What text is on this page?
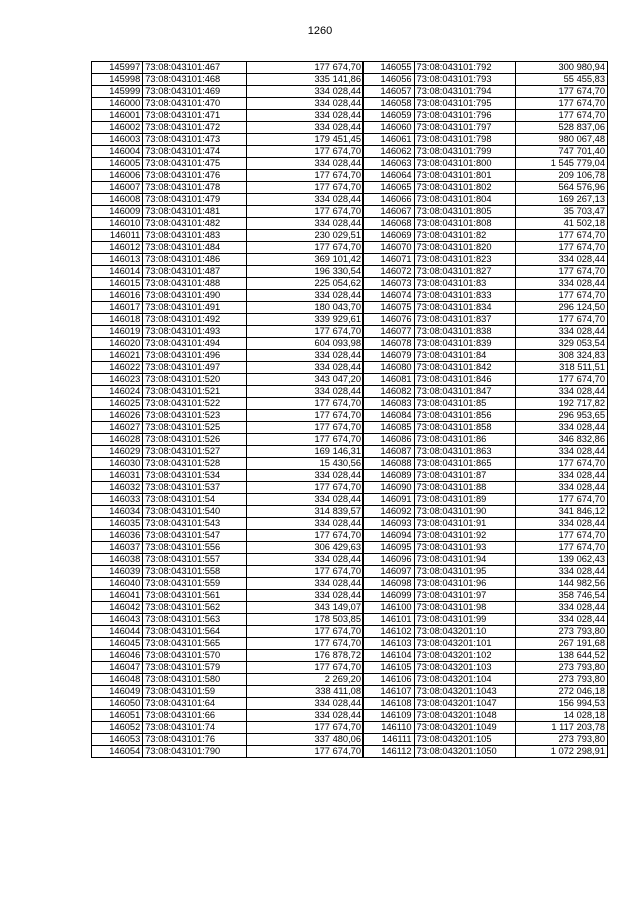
1260
145997	73:08:043101:467	177 674,70
145998	73:08:043101:468	335 141,86
145999	73:08:043101:469	334 028,44
146000	73:08:043101:470	334 028,44
146001	73:08:043101:471	334 028,44
146002	73:08:043101:472	334 028,44
146003	73:08:043101:473	179 451,45
146004	73:08:043101:474	177 674,70
146005	73:08:043101:475	334 028,44
146006	73:08:043101:476	177 674,70
146007	73:08:043101:478	177 674,70
146008	73:08:043101:479	334 028,44
146009	73:08:043101:481	177 674,70
146010	73:08:043101:482	334 028,44
146011	73:08:043101:483	230 029,51
146012	73:08:043101:484	177 674,70
146013	73:08:043101:486	369 101,42
146014	73:08:043101:487	196 330,54
146015	73:08:043101:488	225 054,62
146016	73:08:043101:490	334 028,44
146017	73:08:043101:491	180 043,70
146018	73:08:043101:492	339 929,61
146019	73:08:043101:493	177 674,70
146020	73:08:043101:494	604 093,98
146021	73:08:043101:496	334 028,44
146022	73:08:043101:497	334 028,44
146023	73:08:043101:520	343 047,20
146024	73:08:043101:521	334 028,44
146025	73:08:043101:522	177 674,70
146026	73:08:043101:523	177 674,70
146027	73:08:043101:525	177 674,70
146028	73:08:043101:526	177 674,70
146029	73:08:043101:527	169 146,31
146030	73:08:043101:528	15 430,56
146031	73:08:043101:534	334 028,44
146032	73:08:043101:537	177 674,70
146033	73:08:043101:54	334 028,44
146034	73:08:043101:540	314 839,57
146035	73:08:043101:543	334 028,44
146036	73:08:043101:547	177 674,70
146037	73:08:043101:556	306 429,63
146038	73:08:043101:557	334 028,44
146039	73:08:043101:558	177 674,70
146040	73:08:043101:559	334 028,44
146041	73:08:043101:561	334 028,44
146042	73:08:043101:562	343 149,07
146043	73:08:043101:563	178 503,85
146044	73:08:043101:564	177 674,70
146045	73:08:043101:565	177 674,70
146046	73:08:043101:570	176 878,72
146047	73:08:043101:579	177 674,70
146048	73:08:043101:580	2 269,20
146049	73:08:043101:59	338 411,08
146050	73:08:043101:64	334 028,44
146051	73:08:043101:66	334 028,44
146052	73:08:043101:74	177 674,70
146053	73:08:043101:76	337 480,06
146054	73:08:043101:790	177 674,70
146055	73:08:043101:792	300 980,94
146056	73:08:043101:793	55 455,83
146057	73:08:043101:794	177 674,70
146058	73:08:043101:795	177 674,70
146059	73:08:043101:796	177 674,70
146060	73:08:043101:797	528 837,06
146061	73:08:043101:798	980 067,48
146062	73:08:043101:799	747 701,40
146063	73:08:043101:800	1 545 779,04
146064	73:08:043101:801	209 106,78
146065	73:08:043101:802	564 576,96
146066	73:08:043101:804	169 267,13
146067	73:08:043101:805	35 703,47
146068	73:08:043101:808	41 502,18
146069	73:08:043101:82	177 674,70
146070	73:08:043101:820	177 674,70
146071	73:08:043101:823	334 028,44
146072	73:08:043101:827	177 674,70
146073	73:08:043101:83	334 028,44
146074	73:08:043101:833	177 674,70
146075	73:08:043101:834	296 124,50
146076	73:08:043101:837	177 674,70
146077	73:08:043101:838	334 028,44
146078	73:08:043101:839	329 053,54
146079	73:08:043101:84	308 324,83
146080	73:08:043101:842	318 511,51
146081	73:08:043101:846	177 674,70
146082	73:08:043101:847	334 028,44
146083	73:08:043101:85	192 717,82
146084	73:08:043101:856	296 953,65
146085	73:08:043101:858	334 028,44
146086	73:08:043101:86	346 832,86
146087	73:08:043101:863	334 028,44
146088	73:08:043101:865	177 674,70
146089	73:08:043101:87	334 028,44
146090	73:08:043101:88	334 028,44
146091	73:08:043101:89	177 674,70
146092	73:08:043101:90	341 846,12
146093	73:08:043101:91	334 028,44
146094	73:08:043101:92	177 674,70
146095	73:08:043101:93	177 674,70
146096	73:08:043101:94	139 062,43
146097	73:08:043101:95	334 028,44
146098	73:08:043101:96	144 982,56
146099	73:08:043101:97	358 746,54
146100	73:08:043101:98	334 028,44
146101	73:08:043101:99	334 028,44
146102	73:08:043201:10	273 793,80
146103	73:08:043201:101	267 191,68
146104	73:08:043201:102	138 644,52
146105	73:08:043201:103	273 793,80
146106	73:08:043201:104	273 793,80
146107	73:08:043201:1043	272 046,18
146108	73:08:043201:1047	156 994,53
146109	73:08:043201:1048	14 028,18
146110	73:08:043201:1049	1 117 203,78
146111	73:08:043201:105	273 793,80
146112	73:08:043201:1050	1 072 298,91
